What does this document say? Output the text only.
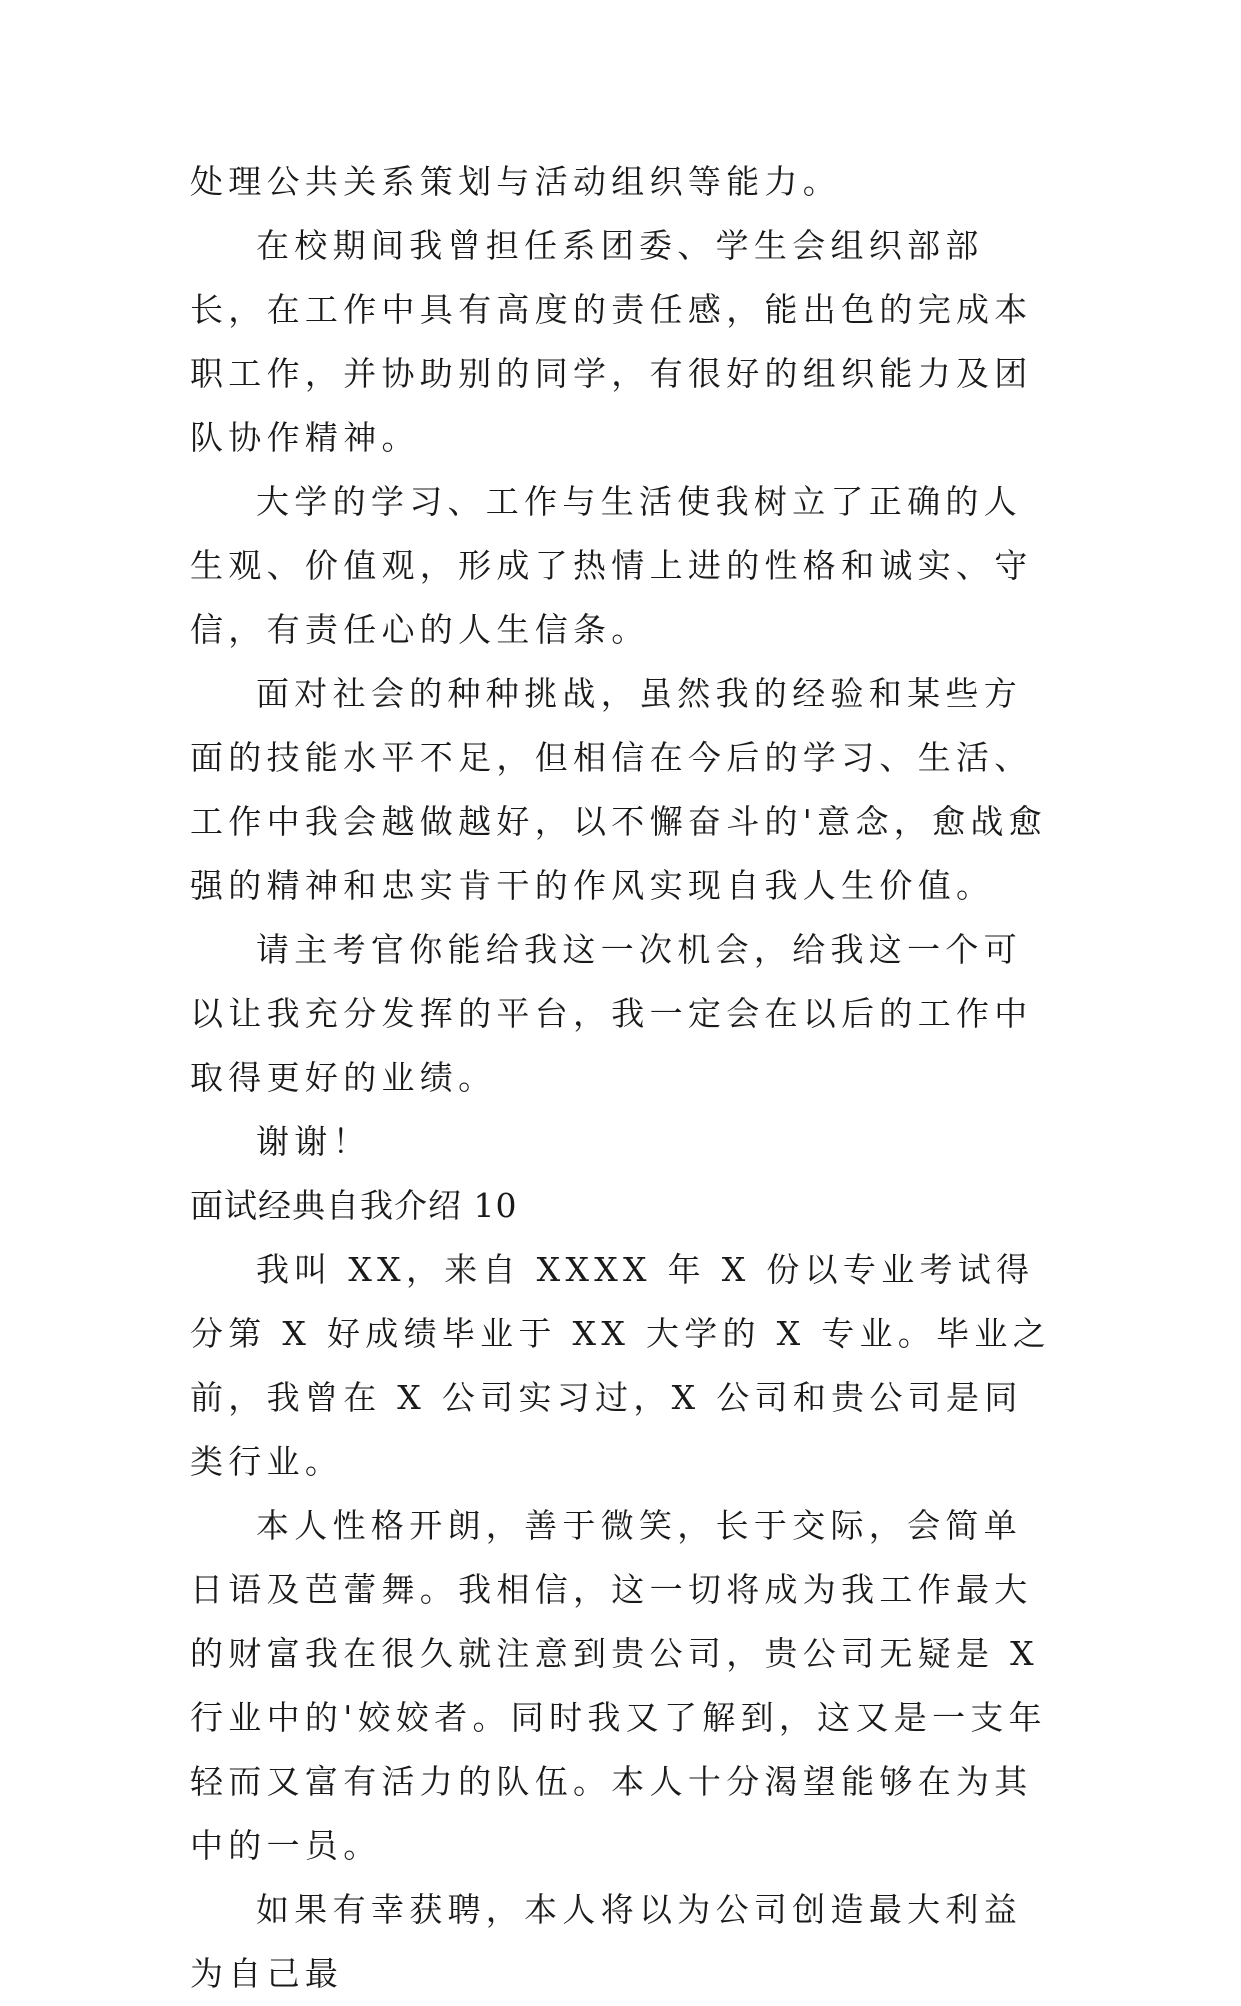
处理公共关系策划与活动组织等能力。

在校期间我曾担任系团委、学生会组织部部长，在工作中具有高度的责任感，能出色的完成本职工作，并协助别的同学，有很好的组织能力及团队协作精神。

大学的学习、工作与生活使我树立了正确的人生观、价值观，形成了热情上进的性格和诚实、守信，有责任心的人生信条。

面对社会的种种挑战，虽然我的经验和某些方面的技能水平不足，但相信在今后的学习、生活、工作中我会越做越好，以不懈奋斗的'意念，愈战愈强的精神和忠实肯干的作风实现自我人生价值。

请主考官你能给我这一次机会，给我这一个可以让我充分发挥的平台，我一定会在以后的工作中取得更好的业绩。

谢谢！

面试经典自我介绍 10

我叫 XX，来自 XXXX 年 X 份以专业考试得分第 X 好成绩毕业于 XX 大学的 X 专业。毕业之前，我曾在 X 公司实习过，X 公司和贵公司是同类行业。

本人性格开朗，善于微笑，长于交际，会简单日语及芭蕾舞。我相信，这一切将成为我工作最大的财富我在很久就注意到贵公司，贵公司无疑是 X 行业中的'姣姣者。同时我又了解到，这又是一支年轻而又富有活力的队伍。本人十分渴望能够在为其中的一员。

如果有幸获聘，本人将以为公司创造最大利益为自己最
